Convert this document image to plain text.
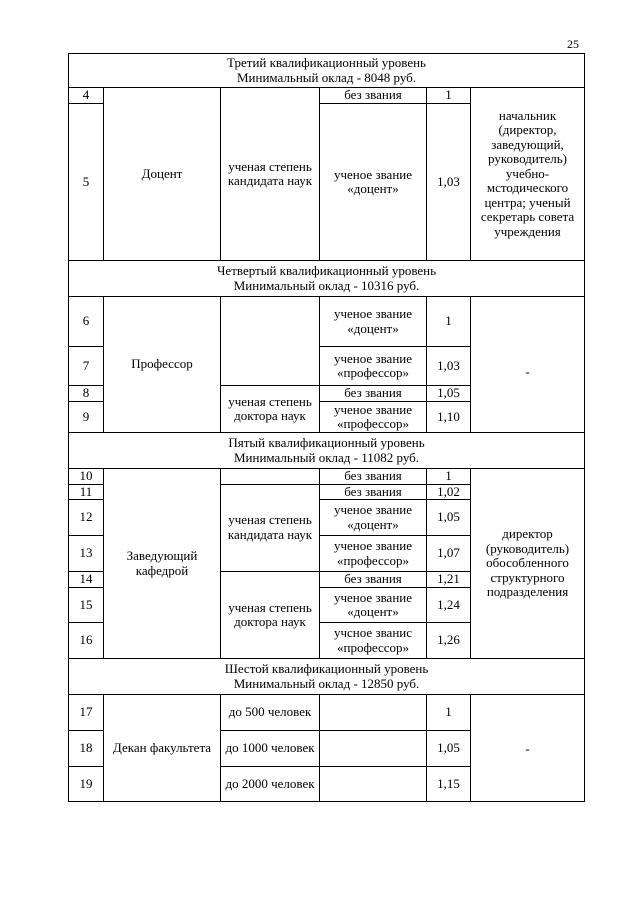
25
Третий квалификационный уровень
Минимальный оклад - 8048 руб.					

4	Доцент	ученая степень кандидата наук	без звания	1	начальник (директор, заведующий, руководитель) учебно-мстодического центра; ученый секретарь совета учреждения
5			ученое звание «доцент»	1,03	

Четвертый квалификационный уровень
Минимальный оклад - 10316 руб.					

6	Профессор		ученое звание «доцент»	1	-
7			ученое звание «профессор»	1,03	
8		ученая степень доктора наук	без звания	1,05	
9			ученое звание «профессор»	1,10	

Пятый квалификационный уровень
Минимальный оклад - 11082 руб.					

10	Заведующий кафедрой		без звания	1	директор (руководитель) обособленного структурного подразделения
11		ученая степень кандидата наук	без звания	1,02	
12			ученое звание «доцент»	1,05	
13			ученое звание «профессор»	1,07	
14		ученая степень доктора наук	без звания	1,21	
15			ученое звание «доцент»	1,24	
16			учсное званис «профессор»	1,26	

Шестой квалификационный уровень
Минимальный оклад - 12850 руб.					

17	Декан факультета	до 500 человек		1	-
18		до 1000 человек		1,05	
19		до 2000 человек		1,15	
